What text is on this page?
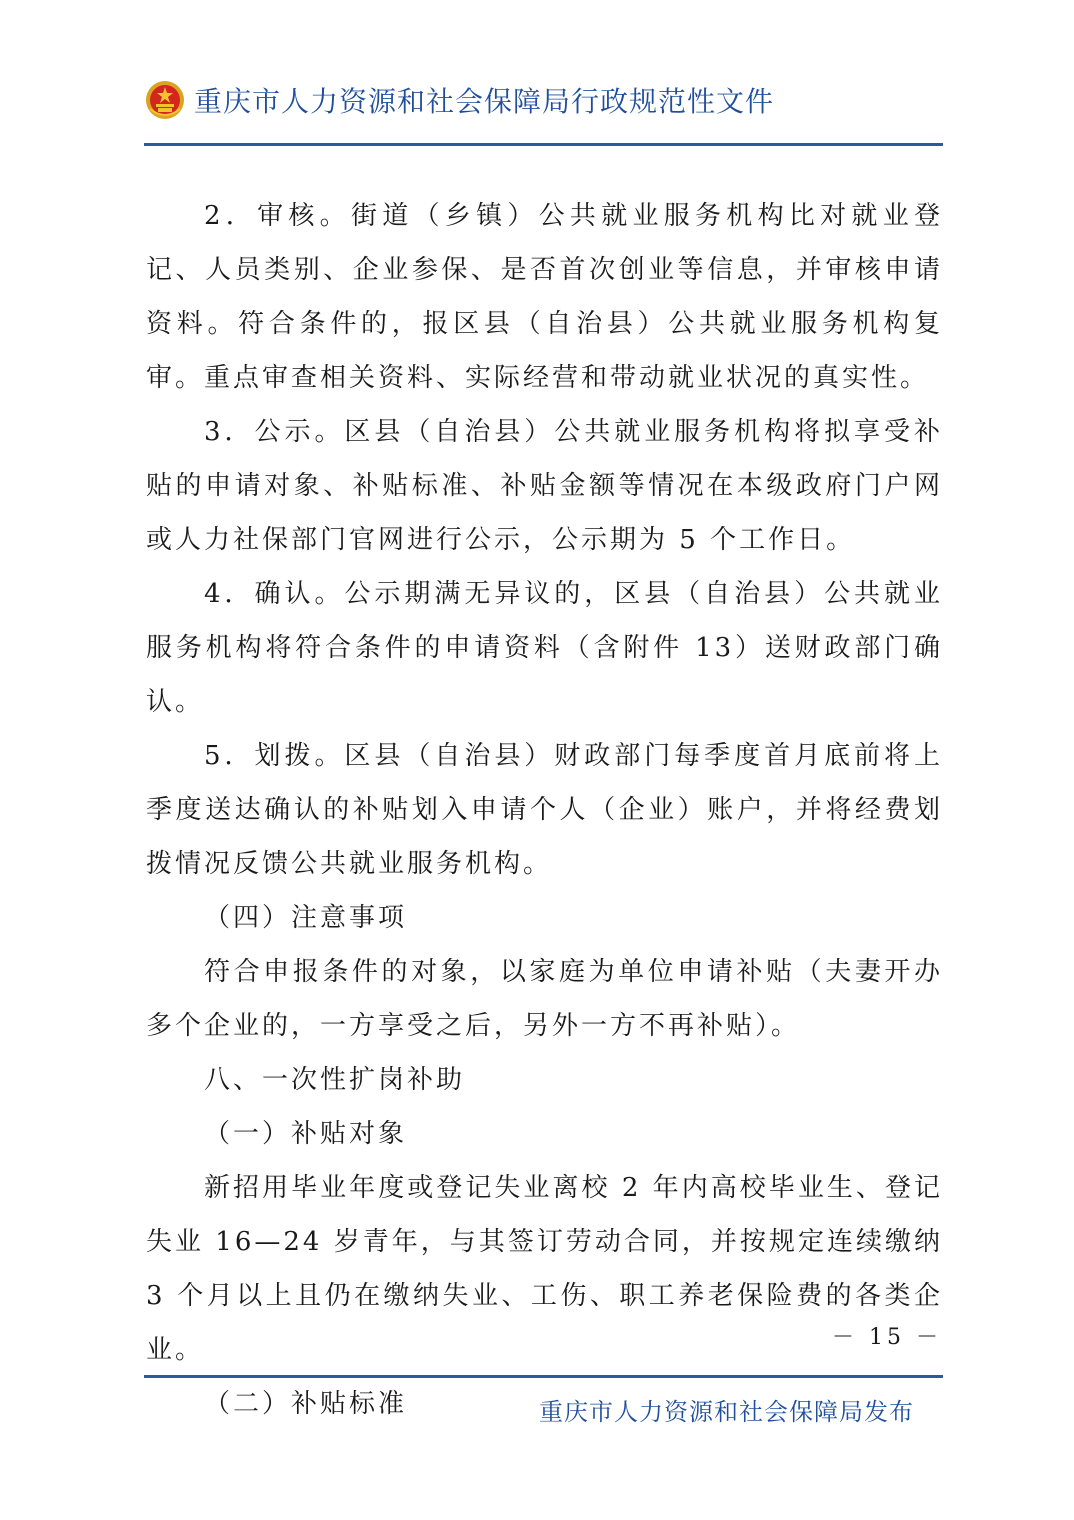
重庆市人力资源和社会保障局行政规范性文件

2．审核。街道（乡镇）公共就业服务机构比对就业登记、人员类别、企业参保、是否首次创业等信息，并审核申请资料。符合条件的，报区县（自治县）公共就业服务机构复审。重点审查相关资料、实际经营和带动就业状况的真实性。

3．公示。区县（自治县）公共就业服务机构将拟享受补贴的申请对象、补贴标准、补贴金额等情况在本级政府门户网或人力社保部门官网进行公示，公示期为 5 个工作日。

4．确认。公示期满无异议的，区县（自治县）公共就业服务机构将符合条件的申请资料（含附件 13）送财政部门确认。

5．划拨。区县（自治县）财政部门每季度首月底前将上季度送达确认的补贴划入申请个人（企业）账户，并将经费划拨情况反馈公共就业服务机构。

（四）注意事项

符合申报条件的对象，以家庭为单位申请补贴（夫妻开办多个企业的，一方享受之后，另外一方不再补贴）。

八、一次性扩岗补助

（一）补贴对象

新招用毕业年度或登记失业离校 2 年内高校毕业生、登记失业 16—24 岁青年，与其签订劳动合同，并按规定连续缴纳 3 个月以上且仍在缴纳失业、工伤、职工养老保险费的各类企业。

（二）补贴标准

－ 15 －
重庆市人力资源和社会保障局发布
